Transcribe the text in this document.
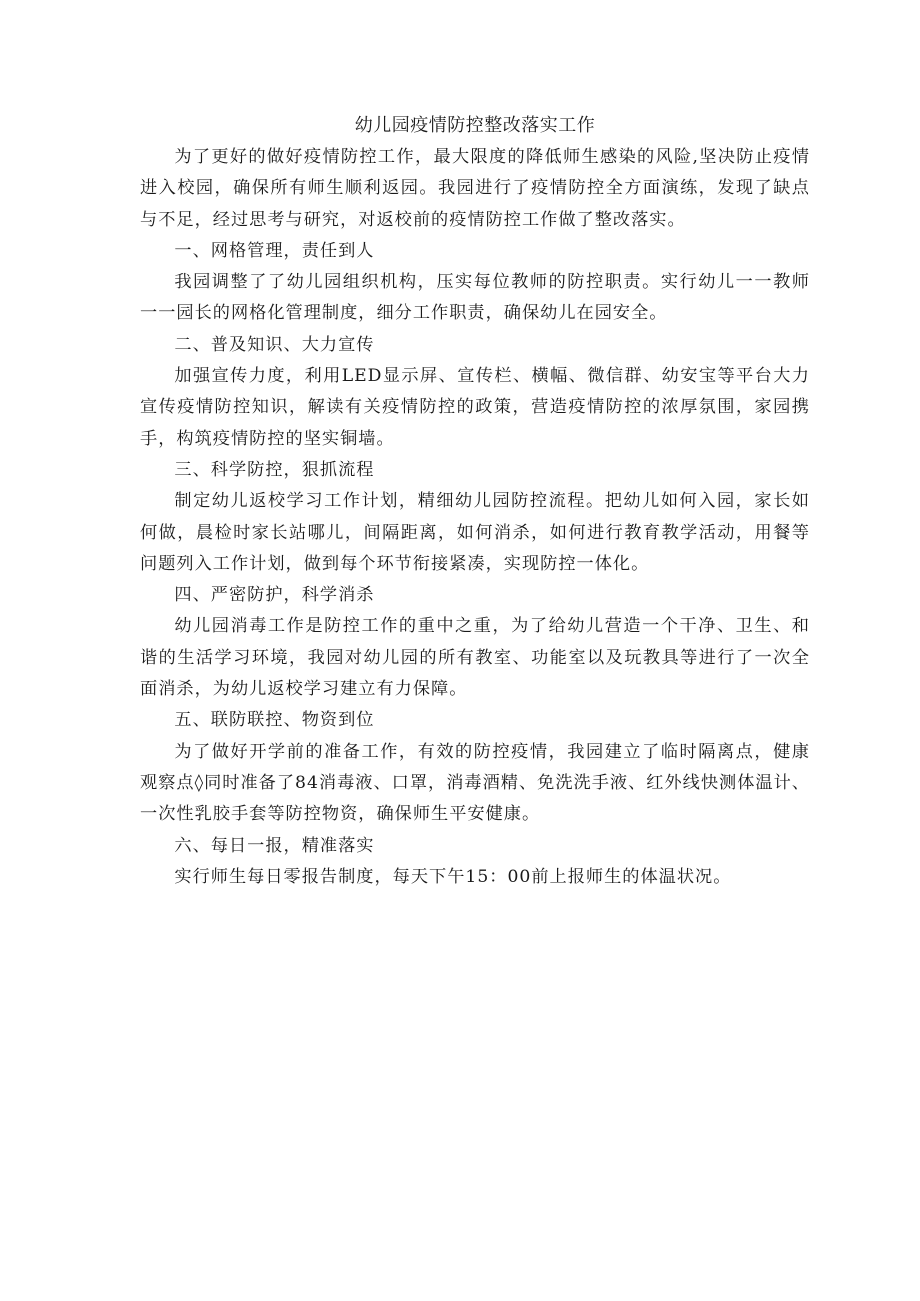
幼儿园疫情防控整改落实工作

为了更好的做好疫情防控工作，最大限度的降低师生感染的风险,坚决防止疫情进入校园，确保所有师生顺利返园。我园进行了疫情防控全方面演练，发现了缺点与不足，经过思考与研究，对返校前的疫情防控工作做了整改落实。

一、网格管理，责任到人

我园调整了了幼儿园组织机构，压实每位教师的防控职责。实行幼儿一一教师一一园长的网格化管理制度，细分工作职责，确保幼儿在园安全。

二、普及知识、大力宣传

加强宣传力度，利用LED显示屏、宣传栏、横幅、微信群、幼安宝等平台大力宣传疫情防控知识，解读有关疫情防控的政策，营造疫情防控的浓厚氛围，家园携手，构筑疫情防控的坚实铜墙。

三、科学防控，狠抓流程

制定幼儿返校学习工作计划，精细幼儿园防控流程。把幼儿如何入园，家长如何做，晨检时家长站哪儿，间隔距离，如何消杀，如何进行教育教学活动，用餐等问题列入工作计划，做到每个环节衔接紧凑，实现防控一体化。

四、严密防护，科学消杀

幼儿园消毒工作是防控工作的重中之重，为了给幼儿营造一个干净、卫生、和谐的生活学习环境，我园对幼儿园的所有教室、功能室以及玩教具等进行了一次全面消杀，为幼儿返校学习建立有力保障。

五、联防联控、物资到位

为了做好开学前的准备工作，有效的防控疫情，我园建立了临时隔离点，健康观察点◊同时准备了84消毒液、口罩，消毒酒精、免洗洗手液、红外线快测体温计、一次性乳胶手套等防控物资，确保师生平安健康。

六、每日一报，精准落实

实行师生每日零报告制度，每天下午15：00前上报师生的体温状况。
